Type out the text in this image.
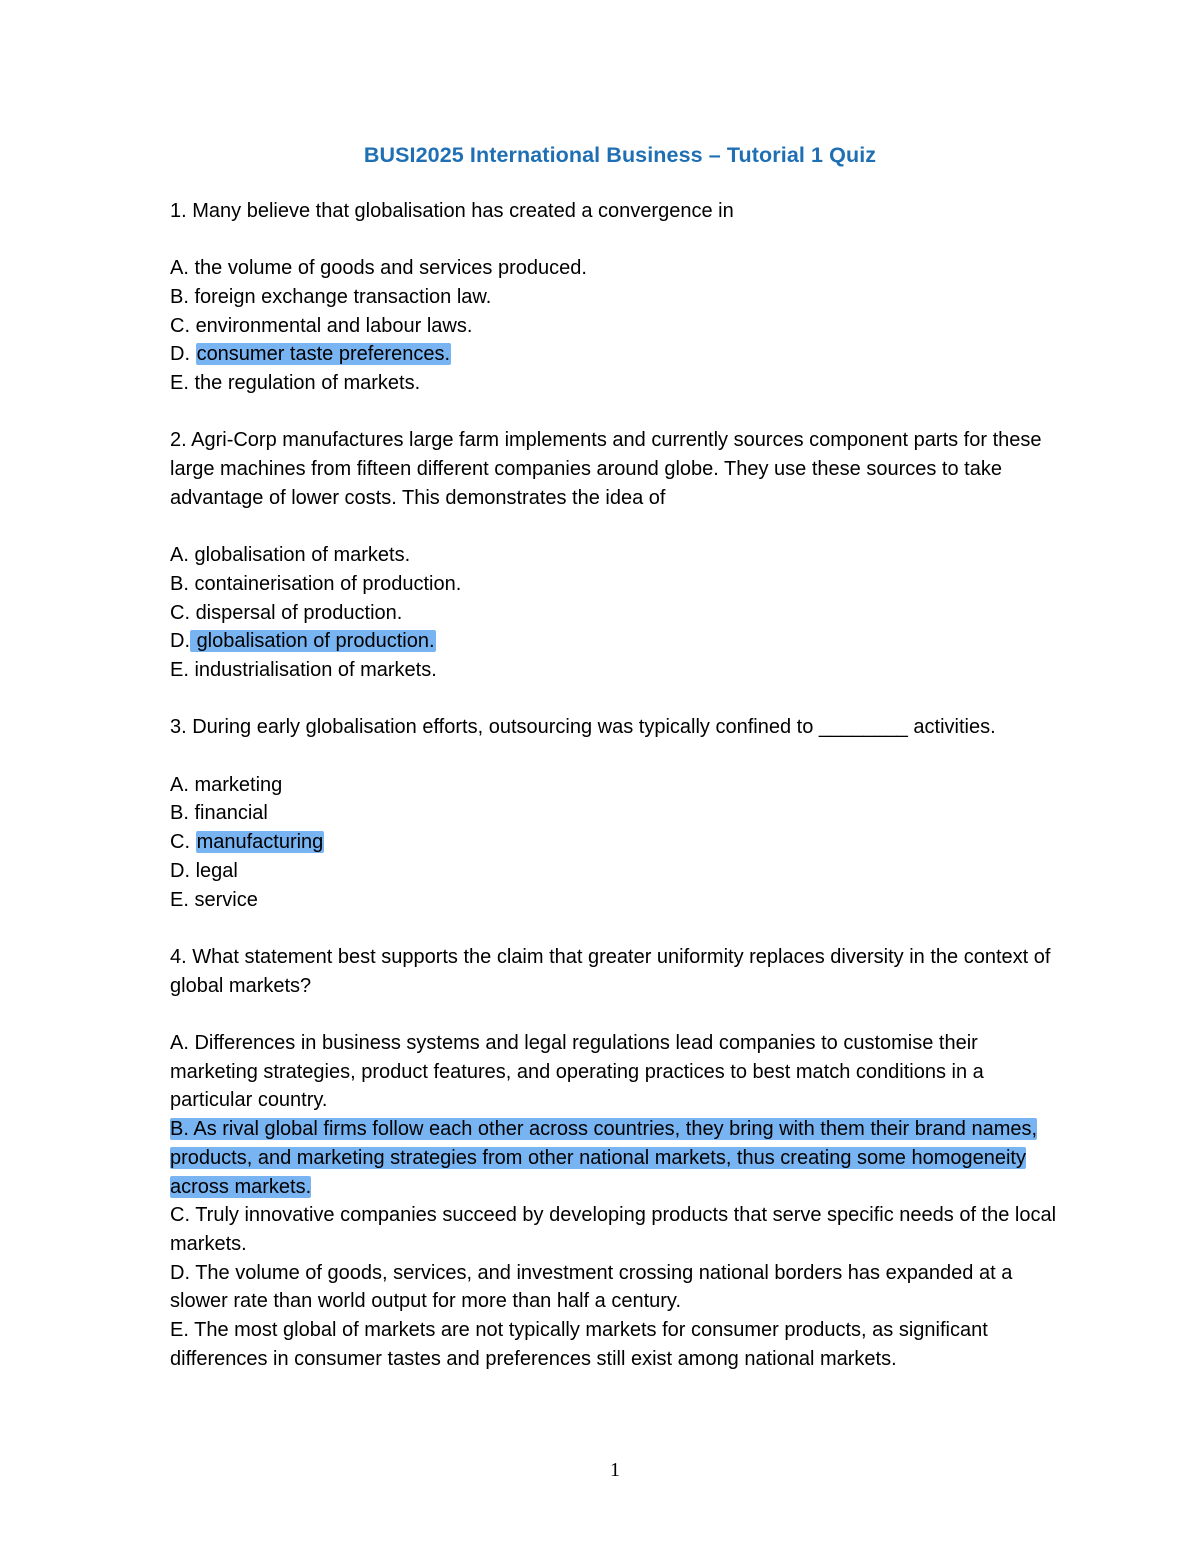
BUSI2025 International Business – Tutorial 1 Quiz
1. Many believe that globalisation has created a convergence in
A. the volume of goods and services produced.
B. foreign exchange transaction law.
C. environmental and labour laws.
D. consumer taste preferences.
E. the regulation of markets.
2. Agri-Corp manufactures large farm implements and currently sources component parts for these large machines from fifteen different companies around globe. They use these sources to take advantage of lower costs. This demonstrates the idea of
A. globalisation of markets.
B. containerisation of production.
C. dispersal of production.
D. globalisation of production.
E. industrialisation of markets.
3. During early globalisation efforts, outsourcing was typically confined to ________ activities.
A. marketing
B. financial
C. manufacturing
D. legal
E. service
4. What statement best supports the claim that greater uniformity replaces diversity in the context of global markets?
A. Differences in business systems and legal regulations lead companies to customise their marketing strategies, product features, and operating practices to best match conditions in a particular country.
B. As rival global firms follow each other across countries, they bring with them their brand names, products, and marketing strategies from other national markets, thus creating some homogeneity across markets.
C. Truly innovative companies succeed by developing products that serve specific needs of the local markets.
D. The volume of goods, services, and investment crossing national borders has expanded at a slower rate than world output for more than half a century.
E. The most global of markets are not typically markets for consumer products, as significant differences in consumer tastes and preferences still exist among national markets.
1
